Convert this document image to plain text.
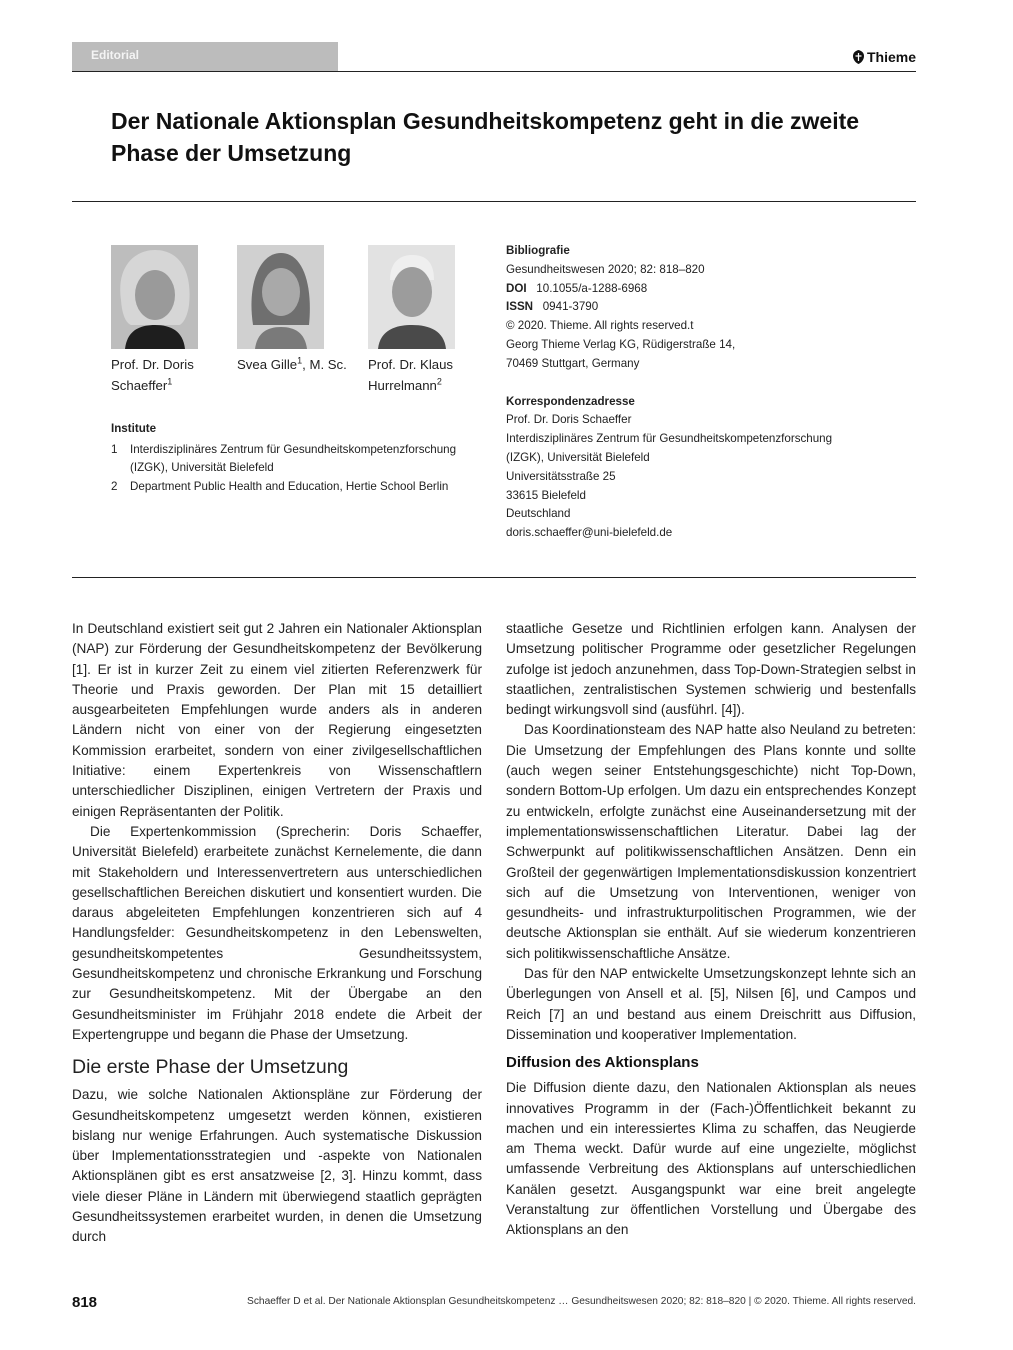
Editorial	Thieme
Der Nationale Aktionsplan Gesundheitskompetenz geht in die zweite Phase der Umsetzung
Prof. Dr. Doris
Schaeffer$^1$
Svea Gille$^1$, M. Sc. Prof. Dr. Klaus
Hurrelmann$^2$
Institute
1	Interdisziplinäres Zentrum für Gesundheitskompetenzforschung (IZGK), Universität Bielefeld
2	Department Public Health and Education, Hertie School Berlin
Bibliografie
Gesundheitswesen 2020; 82: 818–820
DOI 10.1055/a-1288-6968
ISSN 0941-3790
© 2020. Thieme. All rights reserved.t
Georg Thieme Verlag KG, Rüdigerstraße 14,
70469 Stuttgart, Germany
Korrespondenzadresse
Prof. Dr. Doris Schaeffer
Interdisziplinäres Zentrum für Gesundheitskompetenzforschung
(IZGK), Universität Bielefeld
Universitätsstraße 25
33615 Bielefeld
Deutschland
doris.schaeffer@uni-bielefeld.de

In Deutschland existiert seit gut 2 Jahren ein Nationaler Aktionsplan (NAP) zur Förderung der Gesundheitskompetenz der Bevölkerung [1]. Er ist in kurzer Zeit zu einem viel zitierten Referenzwerk für Theorie und Praxis geworden. Der Plan mit 15 detailliert ausgearbeiteten Empfehlungen wurde anders als in anderen Ländern nicht von einer von der Regierung eingesetzten Kommission erarbeitet, sondern von einer zivilgesellschaftlichen Initiative: einem Expertenkreis von Wissenschaftlern unterschiedlicher Disziplinen, einigen Vertretern der Praxis und einigen Repräsentanten der Politik.

Die Expertenkommission (Sprecherin: Doris Schaeffer, Universität Bielefeld) erarbeitete zunächst Kernelemente, die dann mit Stakeholdern und Interessenvertretern aus unterschiedlichen gesellschaftlichen Bereichen diskutiert und konsentiert wurden. Die daraus abgeleiteten Empfehlungen konzentrieren sich auf 4 Handlungsfelder: Gesundheitskompetenz in den Lebenswelten, gesundheitskompetentes Gesundheitssystem, Gesundheitskompetenz und chronische Erkrankung und Forschung zur Gesundheitskompetenz. Mit der Übergabe an den Gesundheitsminister im Frühjahr 2018 endete die Arbeit der Expertengruppe und begann die Phase der Umsetzung.

Die erste Phase der Umsetzung

Dazu, wie solche Nationalen Aktionspläne zur Förderung der Gesundheitskompetenz umgesetzt werden können, existieren bislang nur wenige Erfahrungen. Auch systematische Diskussion über Implementationsstrategien und -aspekte von Nationalen Aktionsplänen gibt es erst ansatzweise [2, 3]. Hinzu kommt, dass viele dieser Pläne in Ländern mit überwiegend staatlich geprägten Gesundheitssystemen erarbeitet wurden, in denen die Umsetzung durch

staatliche Gesetze und Richtlinien erfolgen kann. Analysen der Umsetzung politischer Programme oder gesetzlicher Regelungen zufolge ist jedoch anzunehmen, dass Top-Down-Strategien selbst in staatlichen, zentralistischen Systemen schwierig und bestenfalls bedingt wirkungsvoll sind (ausführl. [4]).

Das Koordinationsteam des NAP hatte also Neuland zu betreten: Die Umsetzung der Empfehlungen des Plans konnte und sollte (auch wegen seiner Entstehungsgeschichte) nicht Top-Down, sondern Bottom-Up erfolgen. Um dazu ein entsprechendes Konzept zu entwickeln, erfolgte zunächst eine Auseinandersetzung mit der implementationswissenschaftlichen Literatur. Dabei lag der Schwerpunkt auf politikwissenschaftlichen Ansätzen. Denn ein Großteil der gegenwärtigen Implementationsdiskussion konzentriert sich auf die Umsetzung von Interventionen, weniger von gesundheits- und infrastrukturpolitischen Programmen, wie der deutsche Aktionsplan sie enthält. Auf sie wiederum konzentrieren sich politikwissenschaftliche Ansätze.

Das für den NAP entwickelte Umsetzungskonzept lehnte sich an Überlegungen von Ansell et al. [5], Nilsen [6], und Campos und Reich [7] an und bestand aus einem Dreischritt aus Diffusion, Dissemination und kooperativer Implementation.

Diffusion des Aktionsplans

Die Diffusion diente dazu, den Nationalen Aktionsplan als neues innovatives Programm in der (Fach-)Öffentlichkeit bekannt zu machen und ein interessiertes Klima zu schaffen, das Neugierde am Thema weckt. Dafür wurde auf eine ungezielte, möglichst umfassende Verbreitung des Aktionsplans auf unterschiedlichen Kanälen gesetzt. Ausgangspunkt war eine breit angelegte Veranstaltung zur öffentlichen Vorstellung und Übergabe des Aktionsplans an den

818	Schaeffer D et al. Der Nationale Aktionsplan Gesundheitskompetenz … Gesundheitswesen 2020; 82: 818–820 | © 2020. Thieme. All rights reserved.
